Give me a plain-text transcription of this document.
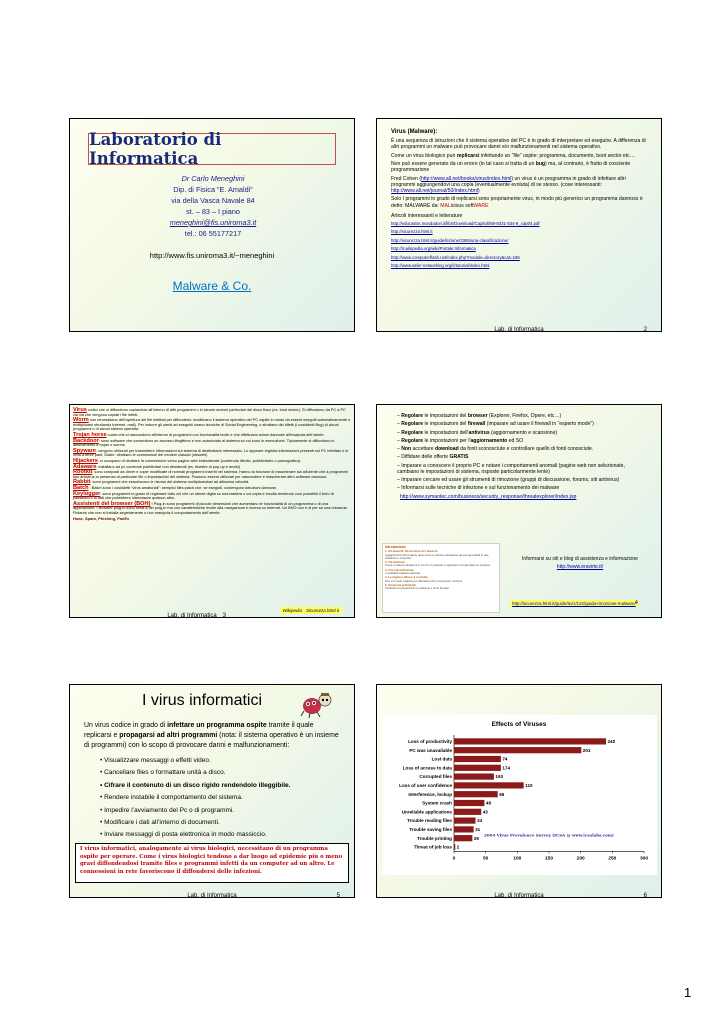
Laboratorio di Informatica
Dr Carlo Meneghini
Dip. di Fisica “E. Amaldi”
via della Vasca Navale 84
st. – 83 – I piano
meneghini@fis.uniroma3.it
tel.: 06 55177217
http://www.fis.uniroma3.it/~meneghini
Malware & Co.
Virus (Malware):

È una sequenza di istruzioni che il sistema operativo del PC è in grado di interpretare ed eseguire. A differenza di altri programmi un malware può provocare danni e/o malfunzionamenti nel sistema operativo.

Come un virus biologico può replicarsi infettando un “file” ospite: programma, documento, boot sector etc…

Non può essere generato da un errore (in tal caso si tratta di un bug) ma, al contrario, è frutto di cosciente programmazione

Fred Cohen (http://www.all.net/books/virus/index.html) un virus è un programma in grado di infettare altri programmi aggiungendovi una copia (eventualmente evoluta) di se stesso. (cose interessanti: http://www.all.net/journal/50/index.html)

Solo I programmi in grado di replicarsi sono propriamente virus, in modo più generico un programma dannoso è detto: MALWARE da: MALicious softWARE

Articoli interessanti e letterature

http://education.mondadori.it/libri/Download/Capitoli/88-8331-534-8_cap04.pdf
http://sicurezza.html.it
http://sicurezza.html.it/guide/lezione/3365/una-classificazione/
http://it.wikipedia.org/wiki/Portale:Informatica
http://www.computerflash.net/index.php?module=directory&cat=196
http://www.safer-networking.org/it/tutorial/index.html
Lab. di Informatica	2

Virus codici che si diffondono copiandosi all'interno di altri programmi o in alcune sezioni particolari del disco fisso (es. boot sector). Si diffondono da PC a PC via via che vengono copiati i file infetti.

Worm non necessitano dell'apertura dei file infettati per diffondersi: modificano il sistema operativo del PC ospite in modo da essere eseguiti automaticamente e moltiplicarsi sfruttando Internet, mail). Per indurre gli utenti ad eseguirli usano tecniche di Social Engineering, o sfruttano dei difetti (i cosiddetti Bug) di alcuni programmi o di alcuni sistemi operativi.

Trojan horse codici che si nascondono all'interno di programmi con funzionalità lecite e che effettuano azioni dannose all'insaputa dell'utente.

Backdoor: sono software che consentono un accesso illegittimo e non autorizzato al sistema su cui sono in esecuzione. Tipicamente si diffondono in abbinamento a trojan o worms.

Spyware: vengono utilizzati per trasmettere informazioni sul sistema di destinatario interessato. Lo spyware registra informazioni presenti sul PC infettato e le invia a terze parti. Dialer: dirottano le connessioni dei modem classici (obsoleti)

Hijackers: si occupano di dirottare la connessione verso pagine web indesiderate (contenuto illecito, pubblicitario o pornografico).

Adaware: installano ad pc contenuti pubblicitari non desiderati (es. finestre di pop-up e avvisi)

Rootkit: sono composti da driver e copie modificate di normali programmi inseriti nel sistema. Hanno la funzione di mascherare sia all'utente che a programmi tipo antivirus la presenza di particolari file o impostazioni del sistema. Possono essere utilizzati per nascondere e mascherare altro software dannoso.

Rabbit: sono programmi che esauriscono le risorse del sistema moltiplicandosi ad altissima velocità.

Batch : Batch sono i cosiddetti “virus amatoriali”: semplici files patch che, se eseguiti, contengono istruzioni dannose.

Keylogger: sono programmi in grado di registrare tutto ciò che un utente digita su una tastiera o col copia e incolla rendendo così possibile il furto di password o di dati che potrebbero interessare qualcun altro.

Assistenti del browser (BOH) I Plug-in sono programmi di piccole dimensioni che aumentano le funzionalità di un programma o di una applicazione. I Browser plug-in sono simili a dei plug-in ma con caratteristiche rivolte alla navigazione e ricerca su Internet. Un BHO non è di per se una minaccia. Fintanto che non si installa segretamente o non manipola il comportamento dell'utente.

Hoax, Spam, Phishing, FanEx

Lab. di Informatica 3
Wikipedia - Sicurezza.html.it
– Regolare le impostazioni del browser (Explorer, Firefox, Opere, etc…)
– Regolare le impostazioni del firewall (imparare ad usare il firewall in “esperto mode”)
– Regolare le impostazioni dell'antivirus (aggiornamento e scansione)
– Regolare le impostazioni per l'aggiornamento ed SO
– Non accettare download da fonti sconosciute e controllare quello di fonti conosciute.
– Diffidare delle offerte GRATIS
– Imparare a conoscere il proprio PC e notare i comportamenti anomali (pagine web non selezionate, cambiano le impostazioni di sistema, risposte particolarmente lente)
– Imparare cercare ed usare gli strumenti di rimozione (gruppi di discussione, forums, siti antivirus)
– Informarsi sulle tecniche di infezione e sul funzionamento dei malware
http://www.symantec.com/business/security_response/threatexplorer/index.jsp
Introduzione
1. Gli attacchi. Descrizione di 2 attacchi
Suggerimenti utili a capire dove sono le minacce attraverso gli esempi trattati in due situazioni e cosa fare
2. Introduzione
Come in tutte le situazioni in cui c'è un pericolo è opportuno comprendere le minacce
3. Una classificazione
I cosiddetti malware dannosi
4. La migliore difesa: il controllo
Non c'è modo migliore per difendersi che riconoscere i sintomi
5. Strumenti preliminari
Verificare la presenza di un antivirus e di un firewall
Informarsi su siti e blog di assistenza e informazione
http://www.eravirte.it/
http://sicurezza.html.it/guide/lezz/122/guida-rimozione-malware/ 4
I virus informatici
Un virus codice in grado di infettare un programma ospite tramite il quale replicarsi e propagarsi ad altri programmi (nota: il sistema operativo è un insieme di programmi) con lo scopo di provocare danni e malfunzionamenti:
• Visualizzare messaggi o effetti video.
• Cancellare files o formattare unità a disco.
• Cifrare il contenuto di un disco rigido rendendolo illeggibile.
• Rendere instabile il comportamento del sistema.
• Impedire l’avviamento del Pc o di programmi.
• Modificare i dati all’interno di documenti.
• Inviare messaggi di posta elettronica in modo massiccio.
I virus informatici, analogamente ai virus biologici, necessitano di un programma ospite per operare. Come i virus biologici tendono a dar luogo ad epidemie più o meno gravi diffondendosi tramite files e programmi infetti da un computer ad un altro. Le connessioni in rete favoriscono il diffondersi delle infezioni.
Lab. di Informatica	5
Effects of Viruses
Loss of productivity	240
PC was unavailable	201
Lost data	74
Loss of access to data	174
Corrupted files	163
Loss of user confidence	110
Interference, lockup	69
System crash	48
Unreliable applications	43
Trouble reading files	34
Trouble saving files	31
Trouble printing	29
Threat of job loss 2
0	50	100	150	200	250	300
2004 Virus Prevalence Survey (ICSA @ www.icsalabs.com)
Lab. di Informatica	6
1
